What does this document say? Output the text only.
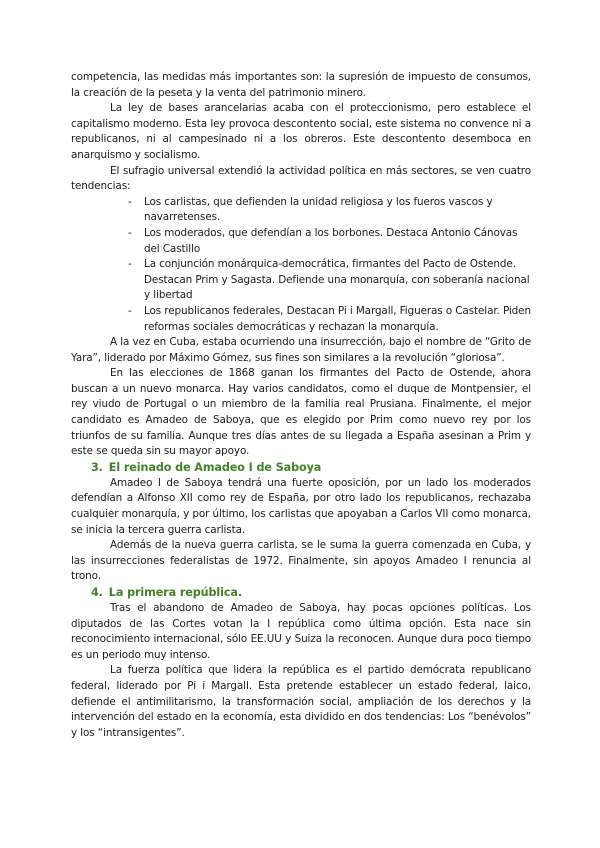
competencia, las medidas más importantes son: la supresión de impuesto de consumos, la creación de la peseta y la venta del patrimonio minero.

La ley de bases arancelarias acaba con el proteccionismo, pero establece el capitalismo moderno. Esta ley provoca descontento social, este sistema no convence ni a republicanos, ni al campesinado ni a los obreros. Este descontento desemboca en anarquismo y socialismo.

El sufragio universal extendió la actividad política en más sectores, se ven cuatro tendencias:

- Los carlistas, que defienden la unidad religiosa y los fueros vascos y navarretenses.
- Los moderados, que defendían a los borbones. Destaca Antonio Cánovas del Castillo
- La conjunción monárquica-democrática, firmantes del Pacto de Ostende. Destacan Prim y Sagasta. Defiende una monarquía, con soberanía nacional y libertad
- Los republicanos federales, Destacan Pi i Margall, Figueras o Castelar. Piden reformas sociales democráticas y rechazan la monarquía.

A la vez en Cuba, estaba ocurriendo una insurrección, bajo el nombre de “Grito de Yara”, liderado por Máximo Gómez, sus fines son similares a la revolución “gloriosa”.

En las elecciones de 1868 ganan los firmantes del Pacto de Ostende, ahora buscan a un nuevo monarca. Hay varios candidatos, como el duque de Montpensier, el rey viudo de Portugal o un miembro de la familia real Prusiana. Finalmente, el mejor candidato es Amadeo de Saboya, que es elegido por Prim como nuevo rey por los triunfos de su familia. Aunque tres días antes de su llegada a España asesinan a Prim y este se queda sin su mayor apoyo.

3. El reinado de Amadeo I de Saboya

Amadeo I de Saboya tendrá una fuerte oposición, por un lado los moderados defendían a Alfonso XII como rey de España, por otro lado los republicanos, rechazaba cualquier monarquía, y por último, los carlistas que apoyaban a Carlos VII como monarca, se inicia la tercera guerra carlista.

Además de la nueva guerra carlista, se le suma la guerra comenzada en Cuba, y las insurrecciones federalistas de 1972. Finalmente, sin apoyos Amadeo I renuncia al trono.

4. La primera república.

Tras el abandono de Amadeo de Saboya, hay pocas opciones políticas. Los diputados de las Cortes votan la I república como última opción. Esta nace sin reconocimiento internacional, sólo EE.UU y Suiza la reconocen. Aunque dura poco tiempo es un periodo muy intenso.

La fuerza política que lidera la república es el partido demócrata republicano federal, liderado por Pi i Margall. Esta pretende establecer un estado federal, laico, defiende el antimilitarismo, la transformación social, ampliación de los derechos y la intervención del estado en la economía, esta dividido en dos tendencias: Los “benévolos” y los “intransigentes”.
